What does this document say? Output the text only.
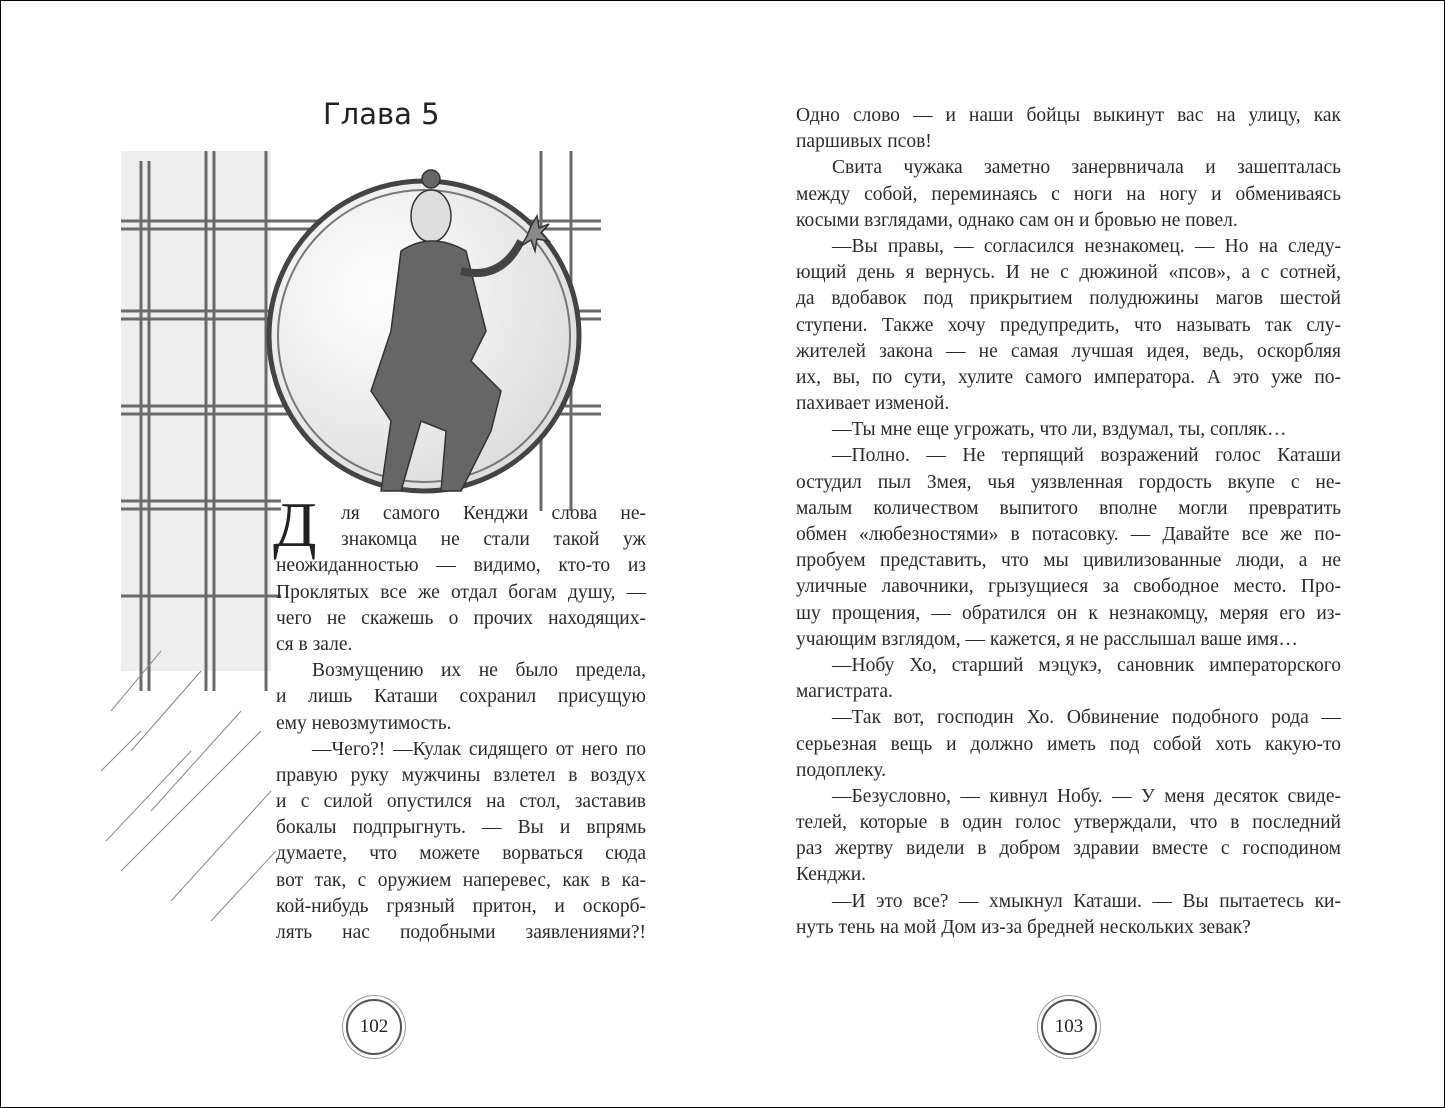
Глава 5
Д	ля самого Кенджи слова не-
знакомца не стали такой уж
неожиданностью — видимо, кто-то из
Проклятых все же отдал богам душу, —
чего не скажешь о прочих находящих-
ся в зале.
Возмущению их не было предела,
и лишь Каташи сохранил присущую
ему невозмутимость.
—Чего?! —Кулак сидящего от него по
правую руку мужчины взлетел в воздух
и с силой опустился на стол, заставив
бокалы подпрыгнуть. — Вы и впрямь
думаете, что можете ворваться сюда
вот так, с оружием наперевес, как в ка-
кой-нибудь грязный притон, и оскорб-
лять нас подобными заявлениями?!
102
Одно слово — и наши бойцы выкинут вас на улицу, как
паршивых псов!
Свита чужака заметно занервничала и зашепталась
между собой, переминаясь с ноги на ногу и обмениваясь
косыми взглядами, однако сам он и бровью не повел.
—Вы правы, — согласился незнакомец. — Но на следу-
ющий день я вернусь. И не с дюжиной «псов», а с сотней,
да вдобавок под прикрытием полудюжины магов шестой
ступени. Также хочу предупредить, что называть так слу-
жителей закона — не самая лучшая идея, ведь, оскорбляя
их, вы, по сути, хулите самого императора. А это уже по-
пахивает изменой.
—Ты мне еще угрожать, что ли, вздумал, ты, сопляк…
—Полно. — Не терпящий возражений голос Каташи
остудил пыл Змея, чья уязвленная гордость вкупе с не-
малым количеством выпитого вполне могли превратить
обмен «любезностями» в потасовку. — Давайте все же по-
пробуем представить, что мы цивилизованные люди, а не
уличные лавочники, грызущиеся за свободное место. Про-
шу прощения, — обратился он к незнакомцу, меряя его из-
учающим взглядом, — кажется, я не расслышал ваше имя…
—Нобу Хо, старший мэцукэ, сановник императорского
магистрата.
—Так вот, господин Хо. Обвинение подобного рода —
серьезная вещь и должно иметь под собой хоть какую-то
подоплеку.
—Безусловно, — кивнул Нобу. — У меня десяток свиде-
телей, которые в один голос утверждали, что в последний
раз жертву видели в добром здравии вместе с господином
Кенджи.
—И это все? — хмыкнул Каташи. — Вы пытаетесь ки-
нуть тень на мой Дом из-за бредней нескольких зевак?
103
